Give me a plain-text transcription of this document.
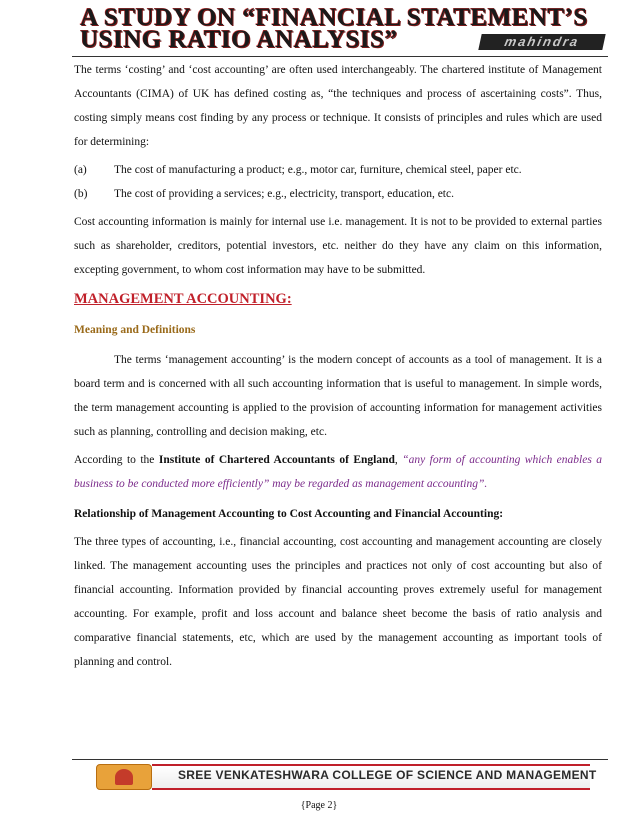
A STUDY ON “FINANCIAL STATEMENT’S
USING RATIO ANALYSIS”	mahindra

The terms ‘costing’ and ‘cost accounting’ are often used interchangeably. The chartered institute of Management Accountants (CIMA) of UK has defined costing as, “the techniques and process of ascertaining costs”. Thus, costing simply means cost finding by any process or technique. It consists of principles and rules which are used for determining:

(a)	The cost of manufacturing a product; e.g., motor car, furniture, chemical steel, paper etc.
(b)	The cost of providing a services; e.g., electricity, transport, education, etc.

Cost accounting information is mainly for internal use i.e. management. It is not to be provided to external parties such as shareholder, creditors, potential investors, etc. neither do they have any claim on this information, excepting government, to whom cost information may have to be submitted.

MANAGEMENT ACCOUNTING:
Meaning and Definitions

The terms ‘management accounting’ is the modern concept of accounts as a tool of management. It is a board term and is concerned with all such accounting information that is useful to management. In simple words, the term management accounting is applied to the provision of accounting information for management activities such as planning, controlling and decision making, etc.

According to the Institute of Chartered Accountants of England, “any form of accounting which enables a business to be conducted more efficiently” may be regarded as management accounting”.

Relationship of Management Accounting to Cost Accounting and Financial Accounting:

The three types of accounting, i.e., financial accounting, cost accounting and management accounting are closely linked. The management accounting uses the principles and practices not only of cost accounting but also of financial accounting. Information provided by financial accounting proves extremely useful for management accounting. For example, profit and loss account and balance sheet become the basis of ratio analysis and comparative financial statements, etc, which are used by the management accounting as important tools of planning and control.

SREE VENKATESHWARA COLLEGE OF SCIENCE AND MANAGEMENT
{Page 2}
